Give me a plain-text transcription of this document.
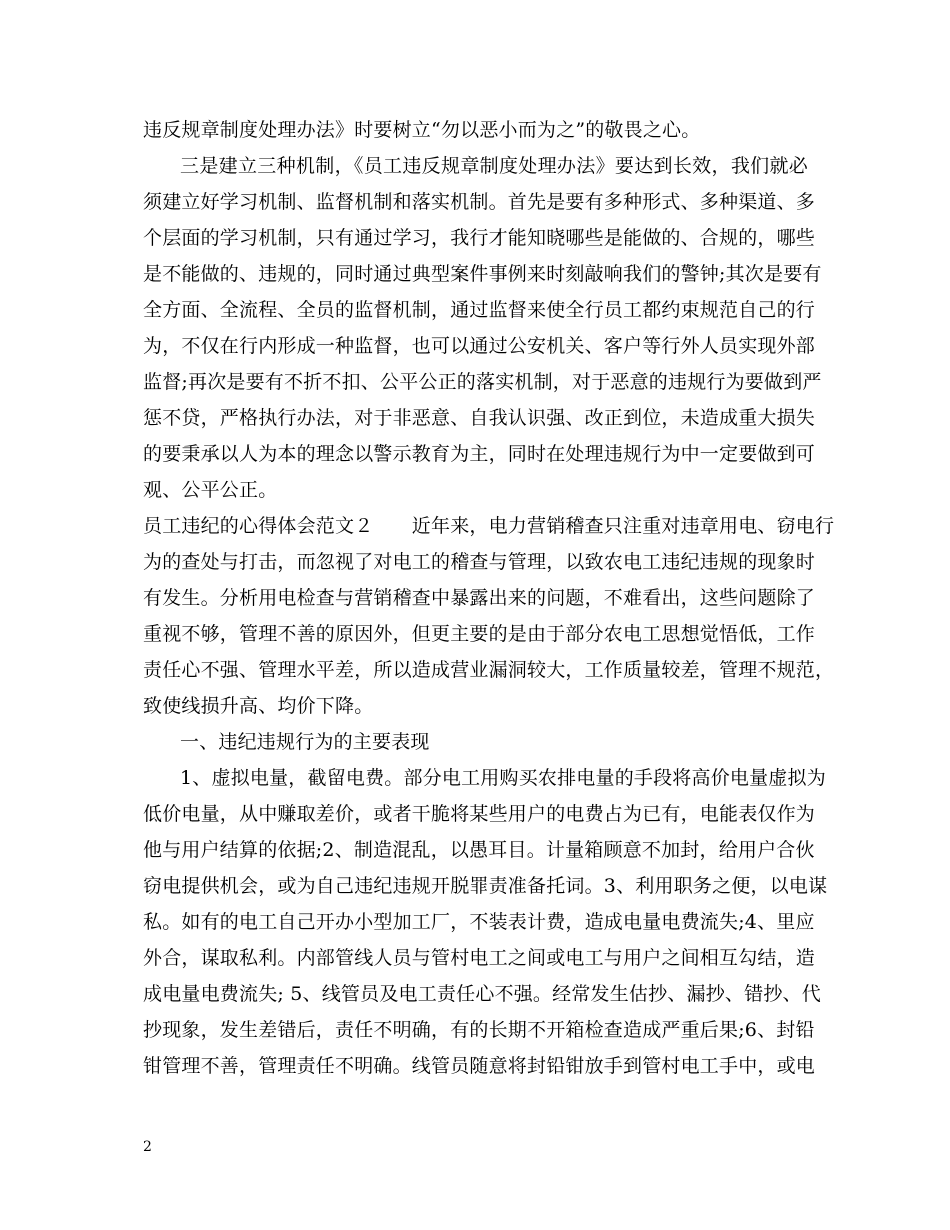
违反规章制度处理办法》时要树立“勿以恶小而为之”的敬畏之心。
三是建立三种机制，《员工违反规章制度处理办法》要达到长效，我们就必
须建立好学习机制、监督机制和落实机制。首先是要有多种形式、多种渠道、多
个层面的学习机制，只有通过学习，我行才能知晓哪些是能做的、合规的，哪些
是不能做的、违规的，同时通过典型案件事例来时刻敲响我们的警钟;其次是要有
全方面、全流程、全员的监督机制，通过监督来使全行员工都约束规范自己的行
为，不仅在行内形成一种监督，也可以通过公安机关、客户等行外人员实现外部
监督;再次是要有不折不扣、公平公正的落实机制，对于恶意的违规行为要做到严
惩不贷，严格执行办法，对于非恶意、自我认识强、改正到位，未造成重大损失
的要秉承以人为本的理念以警示教育为主，同时在处理违规行为中一定要做到可
观、公平公正。
员工违纪的心得体会范文２　　近年来，电力营销稽查只注重对违章用电、窃电行
为的查处与打击，而忽视了对电工的稽查与管理，以致农电工违纪违规的现象时
有发生。分析用电检查与营销稽查中暴露出来的问题，不难看出，这些问题除了
重视不够，管理不善的原因外，但更主要的是由于部分农电工思想觉悟低，工作
责任心不强、管理水平差，所以造成营业漏洞较大，工作质量较差，管理不规范，
致使线损升高、均价下降。
一、违纪违规行为的主要表现
1、虚拟电量，截留电费。部分电工用购买农排电量的手段将高价电量虚拟为
低价电量，从中赚取差价，或者干脆将某些用户的电费占为已有，电能表仅作为
他与用户结算的依据;2、制造混乱，以愚耳目。计量箱顾意不加封，给用户合伙
窃电提供机会，或为自己违纪违规开脱罪责准备托词。3、利用职务之便，以电谋
私。如有的电工自己开办小型加工厂，不装表计费，造成电量电费流失;4、里应
外合，谋取私利。内部管线人员与管村电工之间或电工与用户之间相互勾结，造
成电量电费流失; 5、线管员及电工责任心不强。经常发生估抄、漏抄、错抄、代
抄现象，发生差错后，责任不明确，有的长期不开箱检查造成严重后果;6、封铅
钳管理不善，管理责任不明确。线管员随意将封铅钳放手到管村电工手中，或电
2
